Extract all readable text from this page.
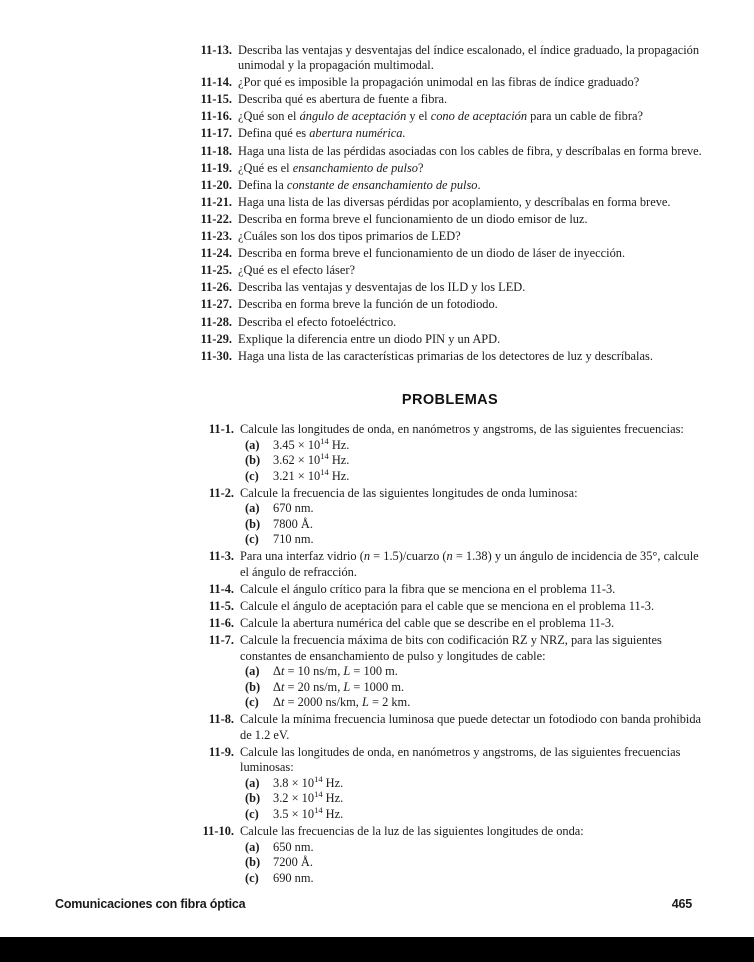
11-13. Describa las ventajas y desventajas del índice escalonado, el índice graduado, la propagación unimodal y la propagación multimodal.
11-14. ¿Por qué es imposible la propagación unimodal en las fibras de índice graduado?
11-15. Describa qué es abertura de fuente a fibra.
11-16. ¿Qué son el ángulo de aceptación y el cono de aceptación para un cable de fibra?
11-17. Defina qué es abertura numérica.
11-18. Haga una lista de las pérdidas asociadas con los cables de fibra, y descríbalas en forma breve.
11-19. ¿Qué es el ensanchamiento de pulso?
11-20. Defina la constante de ensanchamiento de pulso.
11-21. Haga una lista de las diversas pérdidas por acoplamiento, y descríbalas en forma breve.
11-22. Describa en forma breve el funcionamiento de un diodo emisor de luz.
11-23. ¿Cuáles son los dos tipos primarios de LED?
11-24. Describa en forma breve el funcionamiento de un diodo de láser de inyección.
11-25. ¿Qué es el efecto láser?
11-26. Describa las ventajas y desventajas de los ILD y los LED.
11-27. Describa en forma breve la función de un fotodiodo.
11-28. Describa el efecto fotoeléctrico.
11-29. Explique la diferencia entre un diodo PIN y un APD.
11-30. Haga una lista de las características primarias de los detectores de luz y descríbalas.
PROBLEMAS
11-1. Calcule las longitudes de onda, en nanómetros y angstroms, de las siguientes frecuencias:
(a)	$3.45 \times 10^{14}$ Hz.
(b)	$3.62 \times 10^{14}$ Hz.
(c)	$3.21 \times 10^{14}$ Hz.
11-2. Calcule la frecuencia de las siguientes longitudes de onda luminosa:
(a)	670 nm.
(b)	7800 Å.
(c)	710 nm.
11-3. Para una interfaz vidrio (n = 1.5)/cuarzo (n = 1.38) y un ángulo de incidencia de 35°, calcule el ángulo de refracción.
11-4. Calcule el ángulo crítico para la fibra que se menciona en el problema 11-3.
11-5. Calcule el ángulo de aceptación para el cable que se menciona en el problema 11-3.
11-6. Calcule la abertura numérica del cable que se describe en el problema 11-3.
11-7. Calcule la frecuencia máxima de bits con codificación RZ y NRZ, para las siguientes constantes de ensanchamiento de pulso y longitudes de cable:
(a)	Δt = 10 ns/m, L = 100 m.
(b)	Δt = 20 ns/m, L = 1000 m.
(c)	Δt = 2000 ns/km, L = 2 km.
11-8. Calcule la mínima frecuencia luminosa que puede detectar un fotodiodo con banda prohibida de 1.2 eV.
11-9. Calcule las longitudes de onda, en nanómetros y angstroms, de las siguientes frecuencias luminosas:
(a)	$3.8 \times 10^{14}$ Hz.
(b)	$3.2 \times 10^{14}$ Hz.
(c)	$3.5 \times 10^{14}$ Hz.
11-10. Calcule las frecuencias de la luz de las siguientes longitudes de onda:
(a)	650 nm.
(b)	7200 Å.
(c)	690 nm.
Comunicaciones con fibra óptica	465
